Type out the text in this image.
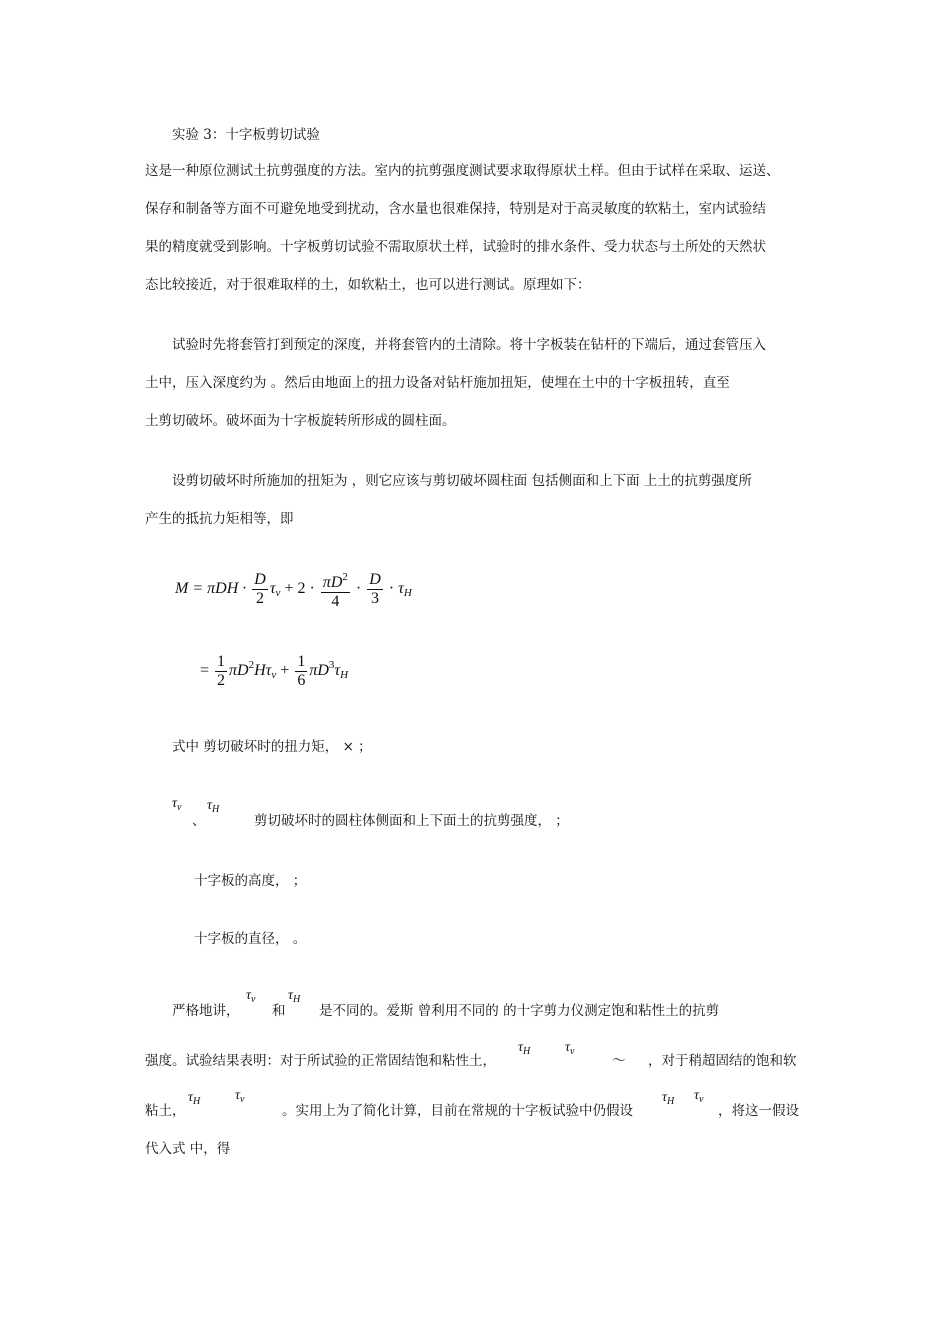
实验 3：十字板剪切试验
这是一种原位测试土抗剪强度的方法。室内的抗剪强度测试要求取得原状土样。但由于试样在采取、运送、
保存和制备等方面不可避免地受到扰动，含水量也很难保持，特别是对于高灵敏度的软粘土，室内试验结
果的精度就受到影响。十字板剪切试验不需取原状土样，试验时的排水条件、受力状态与土所处的天然状
态比较接近，对于很难取样的土，如软粘土，也可以进行测试。原理如下：
试验时先将套管打到预定的深度，并将套管内的土清除。将十字板装在钻杆的下端后，通过套管压入
土中，压入深度约为 。然后由地面上的扭力设备对钻杆施加扭矩，使埋在土中的十字板扭转，直至
土剪切破坏。破坏面为十字板旋转所形成的圆柱面。
设剪切破坏时所施加的扭矩为 ，则它应该与剪切破坏圆柱面 包括侧面和上下面 上土的抗剪强度所
产生的抵抗力矩相等，即
$M = \pi DH \cdot \frac{D}{2} \tau_v + 2 \cdot \frac{\pi D^2}{4} \cdot \frac{D}{3} \cdot \tau_H$
= $\frac{1}{2} \pi D^2H\tau_v + \frac{1}{6} \pi D^3\tau_H$
式中 剪切破坏时的扭力矩， × ；
$\tau_v$
、
$\tau_H$
剪切破坏时的圆柱体侧面和上下面土的抗剪强度， ；
十字板的高度， ；
十字板的直径， 。
严格地讲，
$\tau_v$
和
$\tau_H$
是不同的。爱斯 曾利用不同的 的十字剪力仪测定饱和粘性土的抗剪
强度。试验结果表明：对于所试验的正常固结饱和粘性土，
$\tau_H$ $\tau_v$
～ ，对于稍超固结的饱和软
粘土，
$\tau_H$ $\tau_v$
。实用上为了简化计算，目前在常规的十字板试验中仍假设
$\tau_H$ $\tau_v$
，将这一假设
代入式 中，得
